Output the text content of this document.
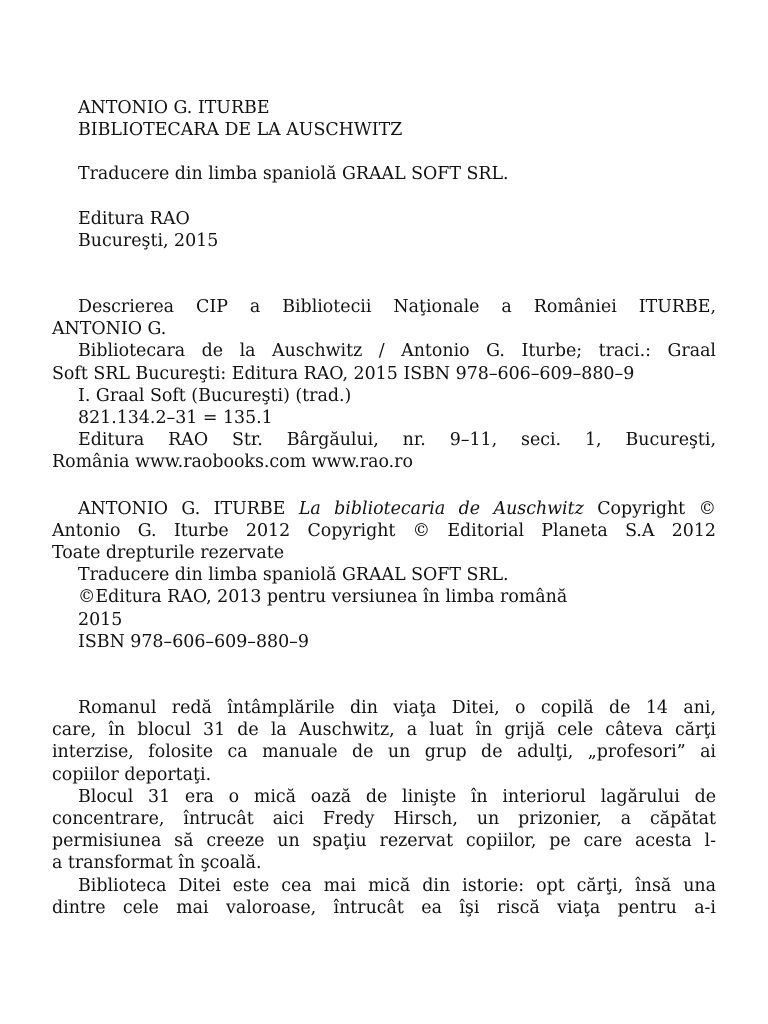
ANTONIO G. ITURBE
BIBLIOTECARA DE LA AUSCHWITZ
Traducere din limba spaniolă GRAAL SOFT SRL.
Editura RAO
Bucureşti, 2015
Descrierea CIP a Bibliotecii Naţionale a României ITURBE,
ANTONIO G.
Bibliotecara de la Auschwitz / Antonio G. Iturbe; traci.: Graal
Soft SRL Bucureşti: Editura RAO, 2015 ISBN 978–606–609–880–9
I. Graal Soft (Bucureşti) (trad.)
821.134.2–31 = 135.1
Editura RAO Str. Bârgăului, nr. 9–11, seci. 1, Bucureşti,
România www.raobooks.com www.rao.ro
ANTONIO G. ITURBE La bibliotecaria de Auschwitz Copyright ©
Antonio G. Iturbe 2012 Copyright © Editorial Planeta S.A 2012
Toate drepturile rezervate
Traducere din limba spaniolă GRAAL SOFT SRL.
©Editura RAO, 2013 pentru versiunea în limba română
2015
ISBN 978–606–609–880–9
Romanul redă întâmplările din viaţa Ditei, o copilă de 14 ani,
care, în blocul 31 de la Auschwitz, a luat în grijă cele câteva cărţi
interzise, folosite ca manuale de un grup de adulţi, „profesori” ai
copiilor deportaţi.
Blocul 31 era o mică oază de linişte în interiorul lagărului de
concentrare, întrucât aici Fredy Hirsch, un prizonier, a căpătat
permisiunea să creeze un spaţiu rezervat copiilor, pe care acesta l-
a transformat în şcoală.
Biblioteca Ditei este cea mai mică din istorie: opt cărţi, însă una
dintre cele mai valoroase, întrucât ea îşi riscă viaţa pentru a-i
